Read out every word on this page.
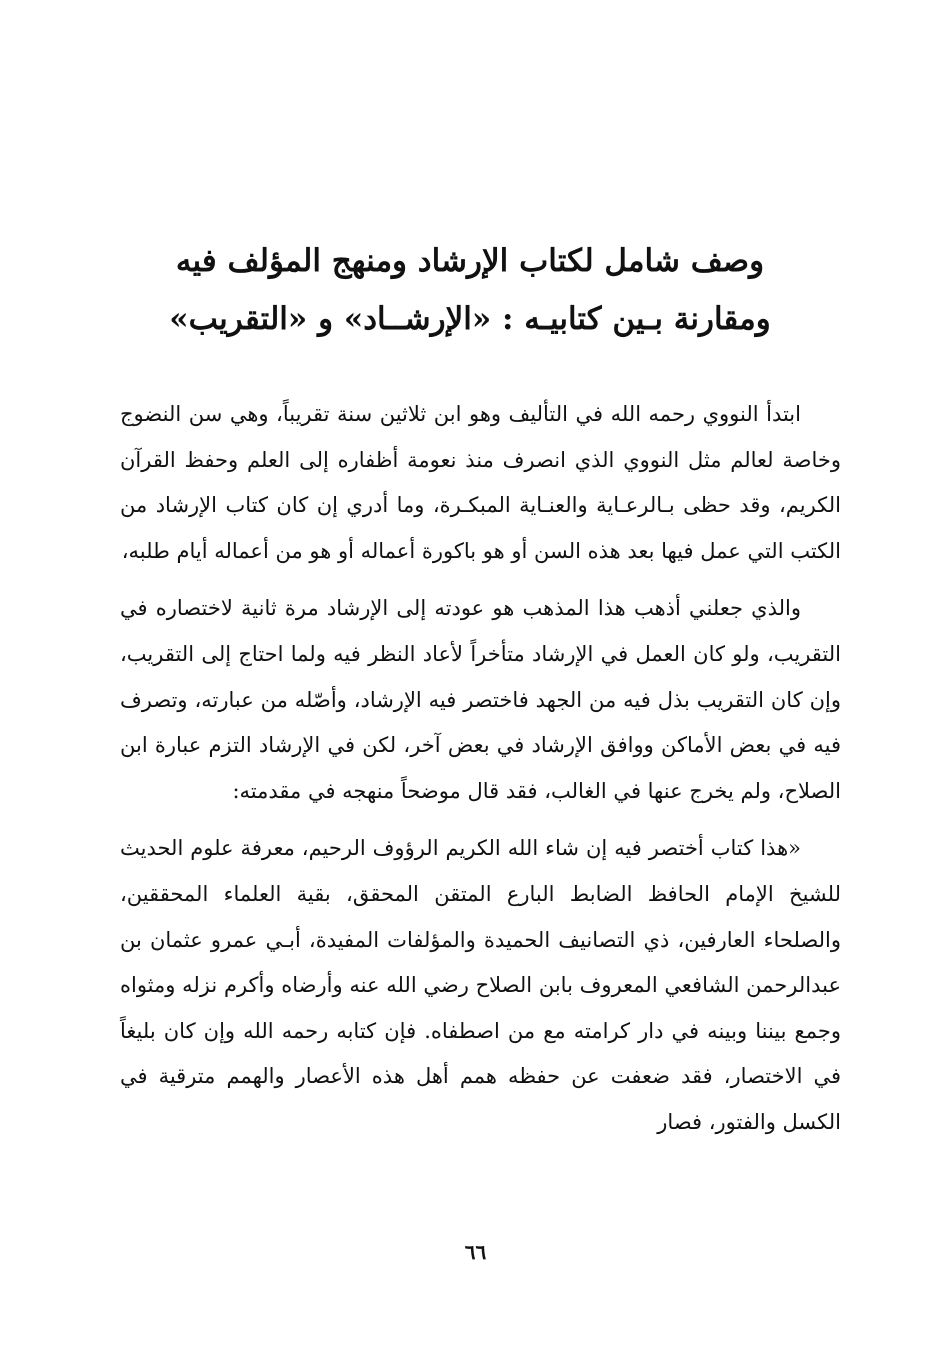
وصف شامل لكتاب الإرشاد ومنهج المؤلف فيه
ومقارنة بـين كتابيـه : «الإرشــاد» و «التقريب»

ابتدأ النووي رحمه الله في التأليف وهو ابن ثلاثين سنة تقريباً، وهي سن النضوج وخاصة لعالم مثل النووي الذي انصرف منذ نعومة أظفاره إلى العلم وحفظ القرآن الكريم، وقد حظى بـالرعـاية والعنـاية المبكـرة، وما أدري إن كان كتاب الإرشاد من الكتب التي عمل فيها بعد هذه السن أو هو باكورة أعماله أو هو من أعماله أيام طلبه،

والذي جعلني أذهب هذا المذهب هو عودته إلى الإرشاد مرة ثانية لاختصاره في التقريب، ولو كان العمل في الإرشاد متأخراً لأعاد النظر فيه ولما احتاج إلى التقريب، وإن كان التقريب بذل فيه من الجهد فاختصر فيه الإرشاد، وأصّله من عبارته، وتصرف فيه في بعض الأماكن ووافق الإرشاد في بعض آخر، لكن في الإرشاد التزم عبارة ابن الصلاح، ولم يخرج عنها في الغالب، فقد قال موضحاً منهجه في مقدمته:

«هذا كتاب أختصر فيه إن شاء الله الكريم الرؤوف الرحيم، معرفة علوم الحديث للشيخ الإمام الحافظ الضابط البارع المتقن المحقق، بقية العلماء المحققين، والصلحاء العارفين، ذي التصانيف الحميدة والمؤلفات المفيدة، أبـي عمرو عثمان بن عبدالرحمن الشافعي المعروف بابن الصلاح رضي الله عنه وأرضاه وأكرم نزله ومثواه وجمع بيننا وبينه في دار كرامته مع من اصطفاه. فإن كتابه رحمه الله وإن كان بليغاً في الاختصار، فقد ضعفت عن حفظه همم أهل هذه الأعصار والهمم مترقية في الكسل والفتور، فصار

٦٦
